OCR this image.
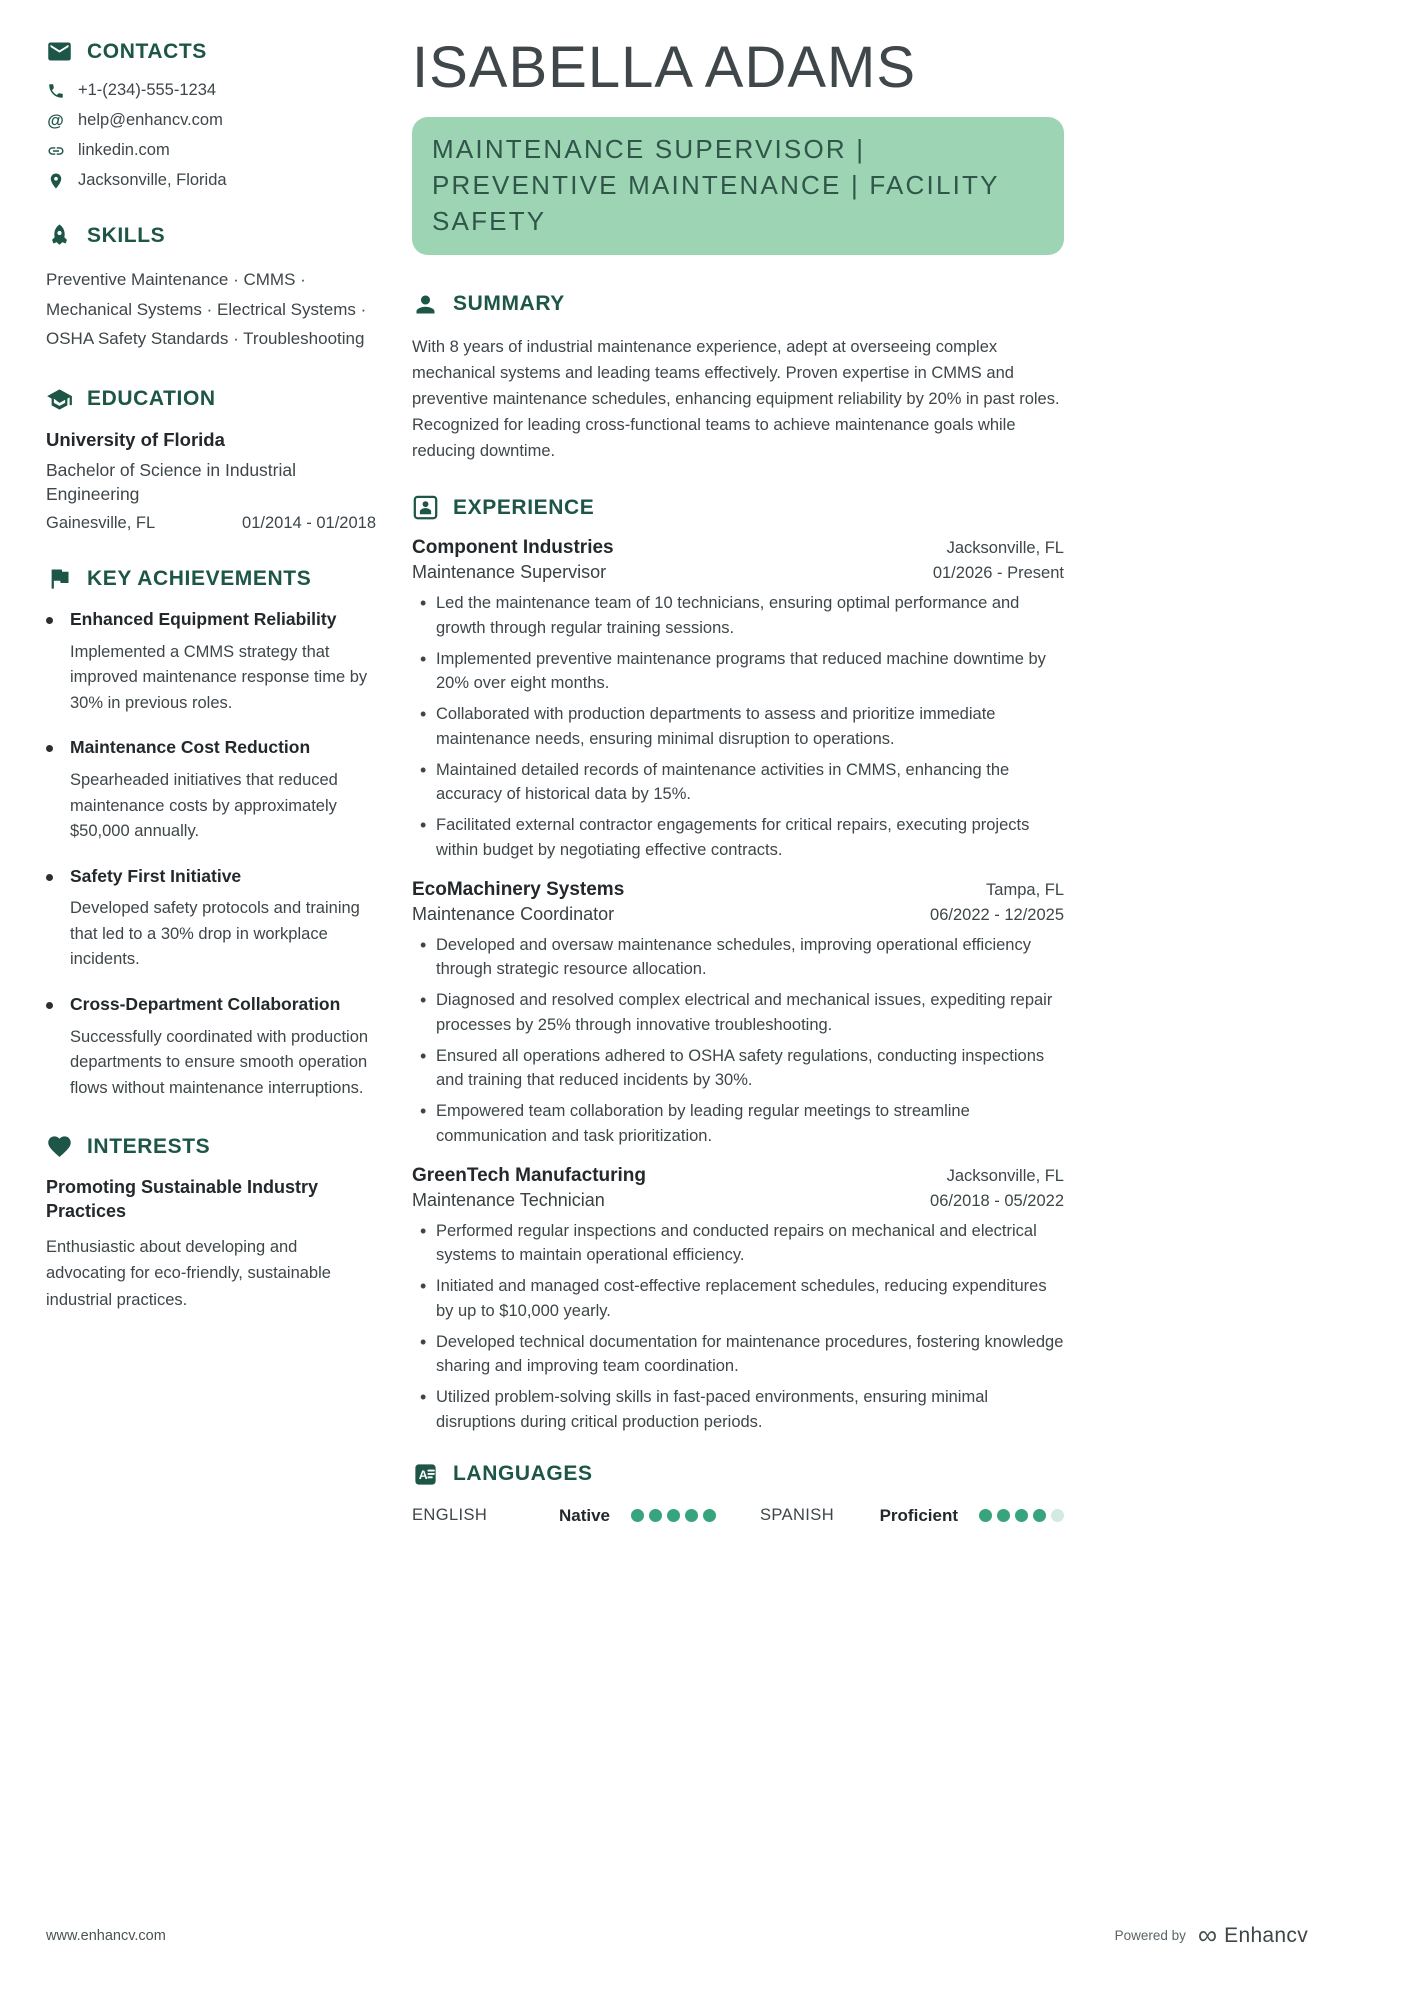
CONTACTS
+1-(234)-555-1234
@ help@enhancv.com
linkedin.com
Jacksonville, Florida
SKILLS

Preventive Maintenance · CMMS · Mechanical Systems · Electrical Systems · OSHA Safety Standards · Troubleshooting

EDUCATION
University of Florida

Bachelor of Science in Industrial Engineering

Gainesville, FL	01/2014 - 01/2018
KEY ACHIEVEMENTS
Enhanced Equipment Reliability

Implemented a CMMS strategy that improved maintenance response time by 30% in previous roles.

Maintenance Cost Reduction

Spearheaded initiatives that reduced maintenance costs by approximately $50,000 annually.

Safety First Initiative

Developed safety protocols and training that led to a 30% drop in workplace incidents.

Cross-Department Collaboration

Successfully coordinated with production departments to ensure smooth operation flows without maintenance interruptions.

INTERESTS
Promoting Sustainable Industry Practices

Enthusiastic about developing and advocating for eco-friendly, sustainable industrial practices.

ISABELLA ADAMS
MAINTENANCE SUPERVISOR | PREVENTIVE MAINTENANCE | FACILITY SAFETY
SUMMARY

With 8 years of industrial maintenance experience, adept at overseeing complex mechanical systems and leading teams effectively. Proven expertise in CMMS and preventive maintenance schedules, enhancing equipment reliability by 20% in past roles. Recognized for leading cross-functional teams to achieve maintenance goals while reducing downtime.

EXPERIENCE
Component Industries	Jacksonville, FL
Maintenance Supervisor	01/2026 - Present
• Led the maintenance team of 10 technicians, ensuring optimal performance and growth through regular training sessions.
• Implemented preventive maintenance programs that reduced machine downtime by 20% over eight months.
• Collaborated with production departments to assess and prioritize immediate maintenance needs, ensuring minimal disruption to operations.
• Maintained detailed records of maintenance activities in CMMS, enhancing the accuracy of historical data by 15%.
• Facilitated external contractor engagements for critical repairs, executing projects within budget by negotiating effective contracts.
EcoMachinery Systems	Tampa, FL
Maintenance Coordinator	06/2022 - 12/2025
• Developed and oversaw maintenance schedules, improving operational efficiency through strategic resource allocation.
• Diagnosed and resolved complex electrical and mechanical issues, expediting repair processes by 25% through innovative troubleshooting.
• Ensured all operations adhered to OSHA safety regulations, conducting inspections and training that reduced incidents by 30%.
• Empowered team collaboration by leading regular meetings to streamline communication and task prioritization.
GreenTech Manufacturing	Jacksonville, FL
Maintenance Technician	06/2018 - 05/2022
• Performed regular inspections and conducted repairs on mechanical and electrical systems to maintain operational efficiency.
• Initiated and managed cost-effective replacement schedules, reducing expenditures by up to $10,000 yearly.
• Developed technical documentation for maintenance procedures, fostering knowledge sharing and improving team coordination.
• Utilized problem-solving skills in fast-paced environments, ensuring minimal disruptions during critical production periods.
A LANGUAGES
ENGLISH	Native	SPANISH	Proficient
www.enhancv.com	Powered by ∞ Enhancv
